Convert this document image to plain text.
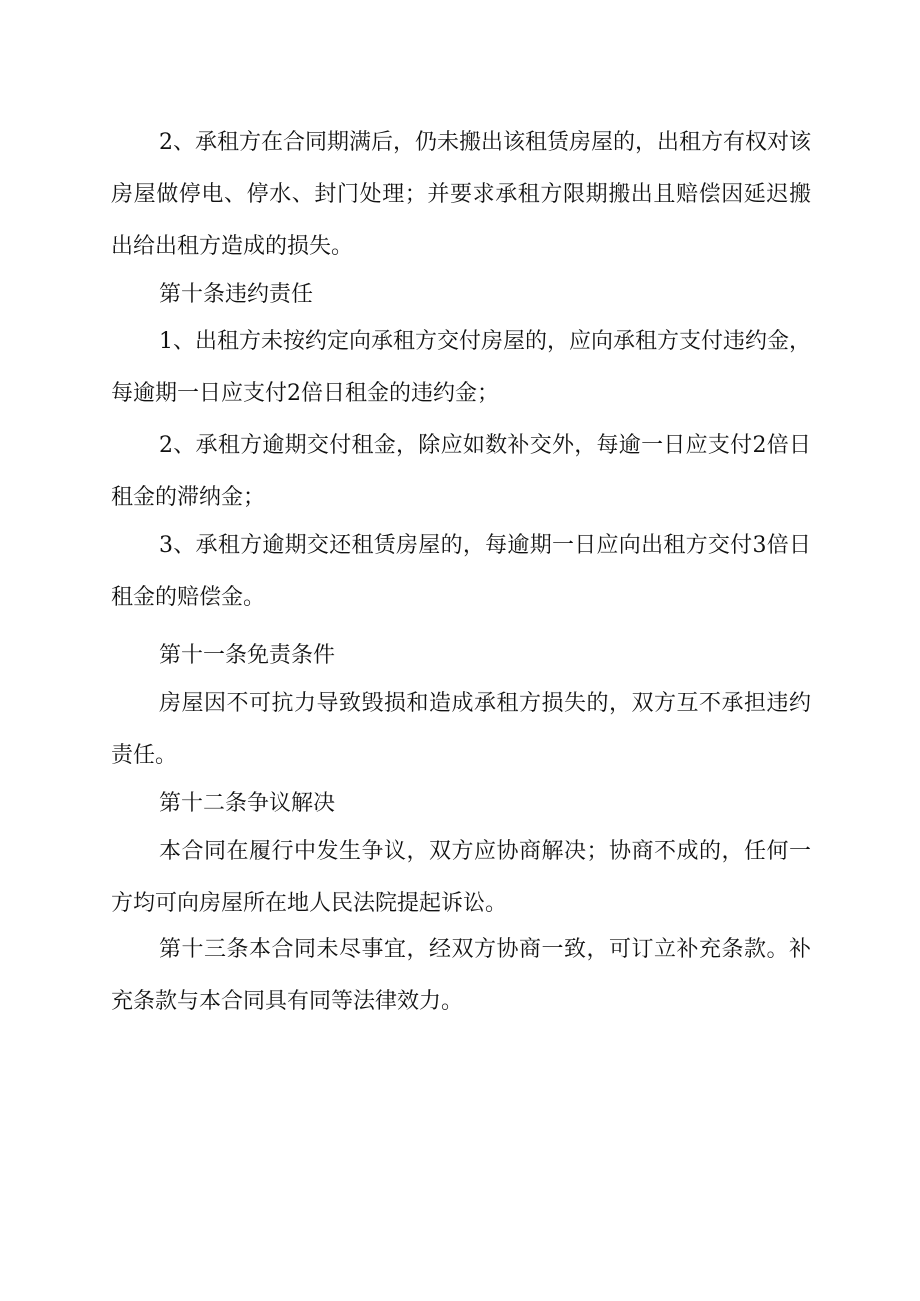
2、承租方在合同期满后，仍未搬出该租赁房屋的，出租方有权对该房屋做停电、停水、封门处理；并要求承租方限期搬出且赔偿因延迟搬出给出租方造成的损失。

第十条违约责任

1、出租方未按约定向承租方交付房屋的，应向承租方支付违约金，每逾期一日应支付2倍日租金的违约金；

2、承租方逾期交付租金，除应如数补交外，每逾一日应支付2倍日租金的滞纳金；

3、承租方逾期交还租赁房屋的，每逾期一日应向出租方交付3倍日租金的赔偿金。

第十一条免责条件

房屋因不可抗力导致毁损和造成承租方损失的，双方互不承担违约责任。

第十二条争议解决

本合同在履行中发生争议，双方应协商解决；协商不成的，任何一方均可向房屋所在地人民法院提起诉讼。

第十三条本合同未尽事宜，经双方协商一致，可订立补充条款。补充条款与本合同具有同等法律效力。
